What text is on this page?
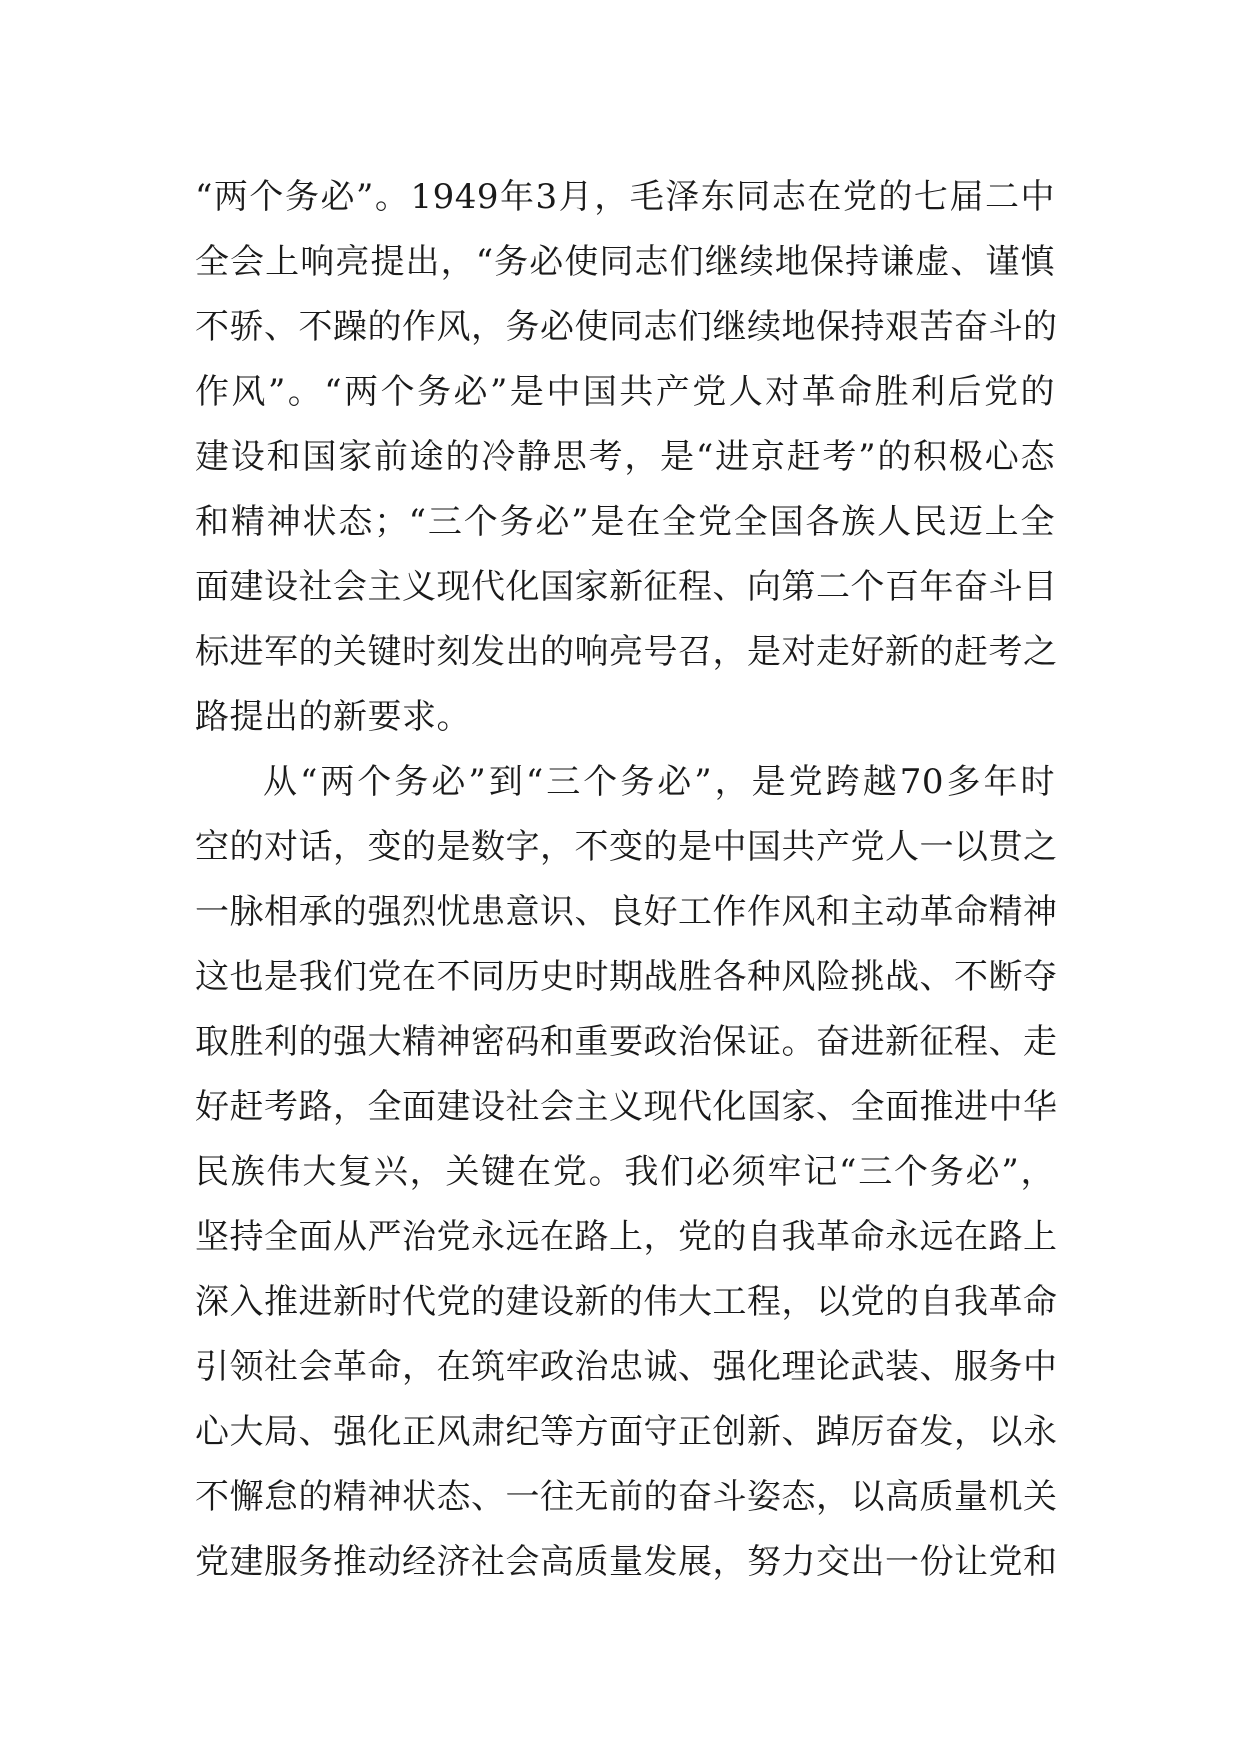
“两个务必”。1949年3月，毛泽东同志在党的七届二中
全会上响亮提出，“务必使同志们继续地保持谦虚、谨慎
不骄、不躁的作风，务必使同志们继续地保持艰苦奋斗的
作风”。“两个务必”是中国共产党人对革命胜利后党的
建设和国家前途的冷静思考，是“进京赶考”的积极心态
和精神状态；“三个务必”是在全党全国各族人民迈上全
面建设社会主义现代化国家新征程、向第二个百年奋斗目
标进军的关键时刻发出的响亮号召，是对走好新的赶考之
路提出的新要求。
从“两个务必”到“三个务必”，是党跨越70多年时
空的对话，变的是数字，不变的是中国共产党人一以贯之
一脉相承的强烈忧患意识、良好工作作风和主动革命精神
这也是我们党在不同历史时期战胜各种风险挑战、不断夺
取胜利的强大精神密码和重要政治保证。奋进新征程、走
好赶考路，全面建设社会主义现代化国家、全面推进中华
民族伟大复兴，关键在党。我们必须牢记“三个务必”，
坚持全面从严治党永远在路上，党的自我革命永远在路上
深入推进新时代党的建设新的伟大工程，以党的自我革命
引领社会革命，在筑牢政治忠诚、强化理论武装、服务中
心大局、强化正风肃纪等方面守正创新、踔厉奋发，以永
不懈怠的精神状态、一往无前的奋斗姿态，以高质量机关
党建服务推动经济社会高质量发展，努力交出一份让党和
